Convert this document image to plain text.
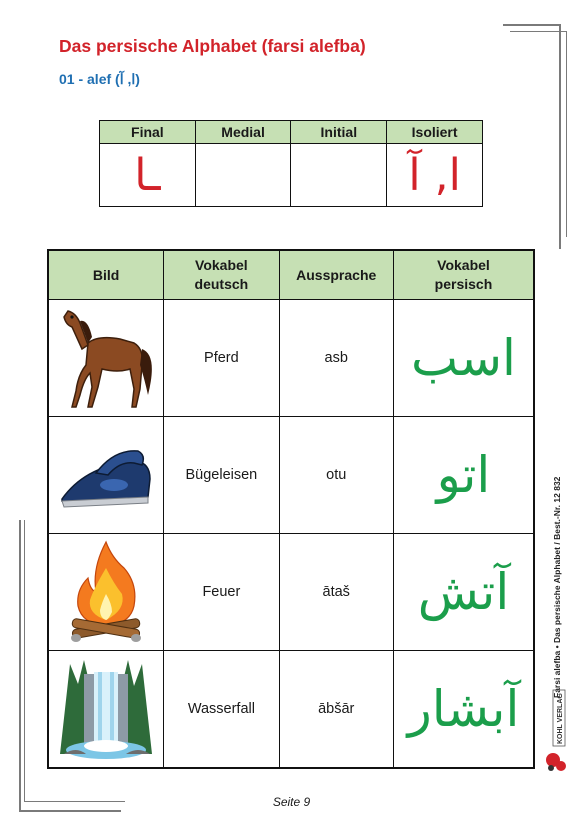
Das persische Alphabet (farsi alefba)
01 - alef (ا, آ)
Final	Medial	Initial	Isoliert
ـا			ا, آ
Bild	Vokabel deutsch	Aussprache	Vokabel persisch

	Pferd	asb	اسب

	Bügeleisen	otu	اتو

	Feuer	ātaš	آتش

	Wasserfall	ābšār	آبشار
Farsi alefba • Das persische Alphabet / Best.-Nr. 12 832
KOHL VERLAG
Seite 9
